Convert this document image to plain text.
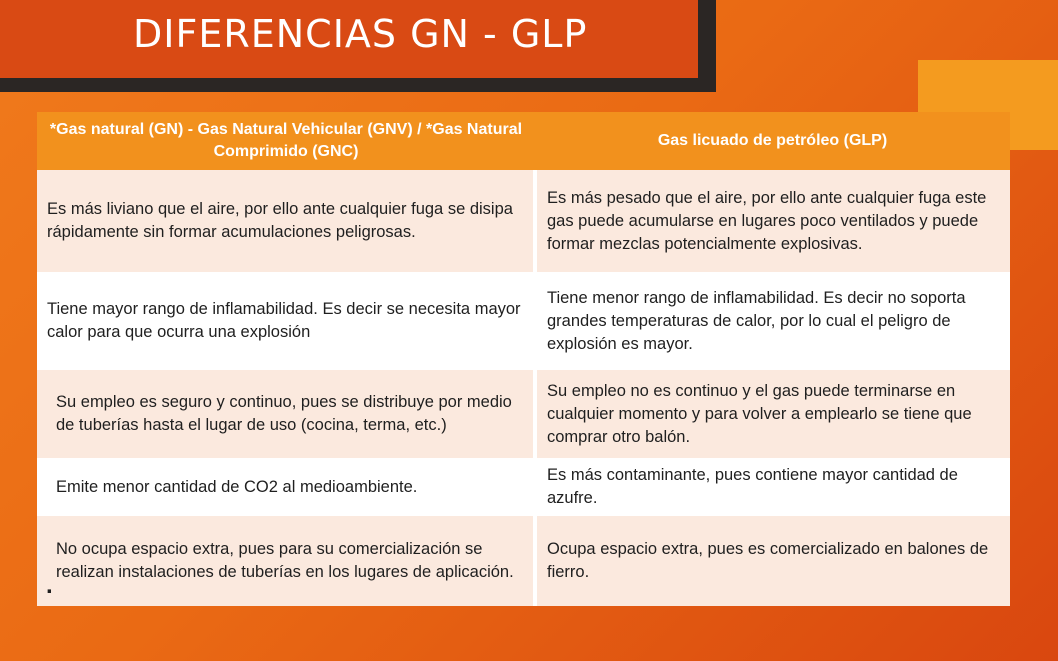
DIFERENCIAS GN - GLP
*Gas natural (GN) - Gas Natural Vehicular (GNV) / *Gas Natural Comprimido (GNC)	Gas licuado de petróleo (GLP)
Es más liviano que el aire, por ello ante cualquier fuga se disipa rápidamente sin formar acumulaciones peligrosas.	Es más pesado que el aire, por ello ante cualquier fuga este gas puede acumularse en lugares poco ventilados y puede formar mezclas potencialmente explosivas.
Tiene mayor rango de inflamabilidad. Es decir se necesita mayor calor para que ocurra una explosión	Tiene menor rango de inflamabilidad. Es decir no soporta grandes temperaturas de calor, por lo cual el peligro de explosión es mayor.
Su empleo es seguro y continuo, pues se distribuye por medio de tuberías hasta el lugar de uso (cocina, terma, etc.)	Su empleo no es continuo y el gas puede terminarse en cualquier momento y para volver a emplearlo se tiene que comprar otro balón.
Emite menor cantidad de CO2 al medioambiente.	Es más contaminante, pues contiene mayor cantidad de azufre.
No ocupa espacio extra, pues para su comercialización se realizan instalaciones de tuberías en los lugares de aplicación.	Ocupa espacio extra, pues es comercializado en balones de fierro.
.
